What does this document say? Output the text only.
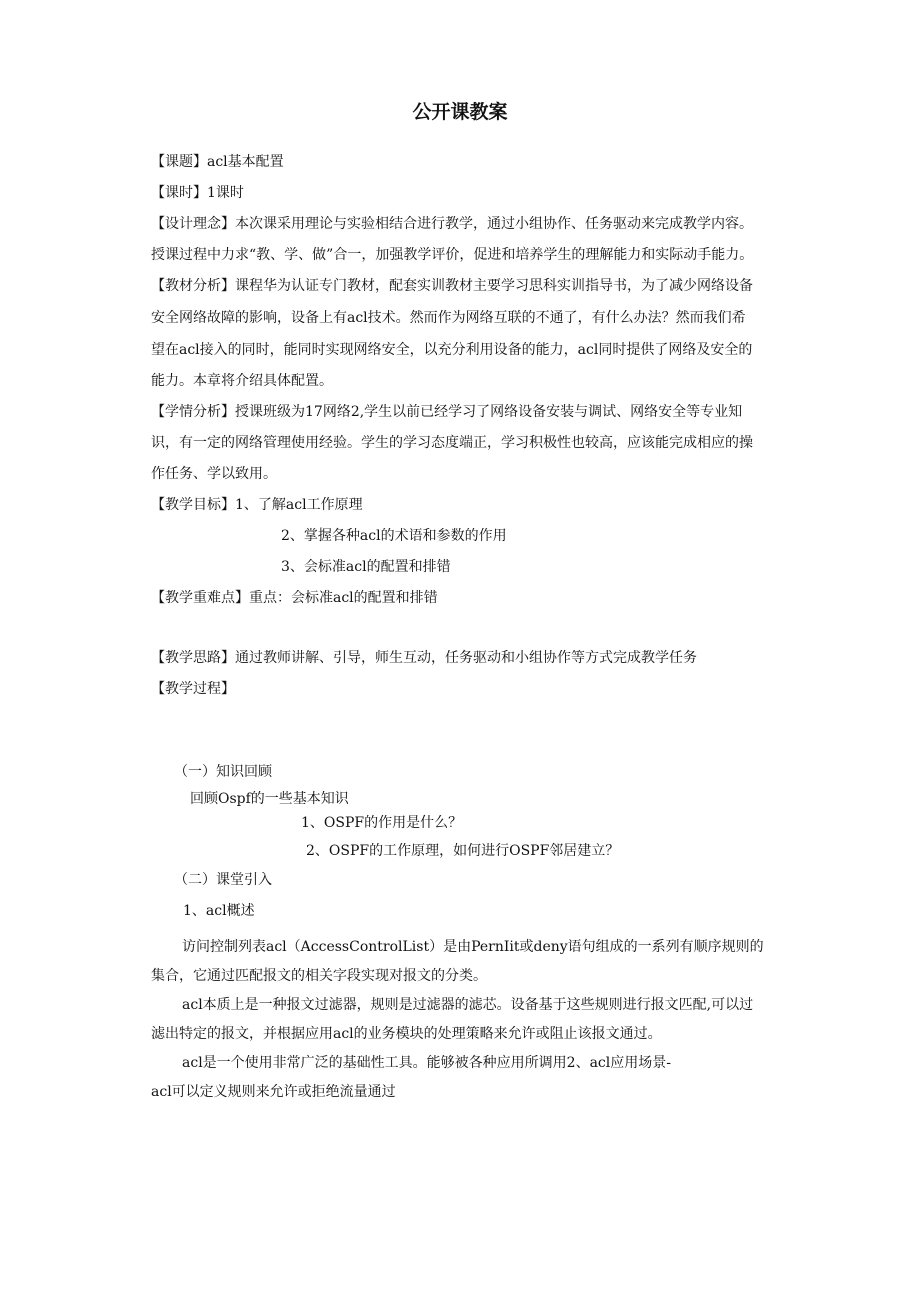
公开课教案
【课题】acl基本配置
【课时】1课时
【设计理念】本次课采用理论与实验相结合进行教学，通过小组协作、任务驱动来完成教学内容。
授课过程中力求“教、学、做”合一，加强教学评价，促进和培养学生的理解能力和实际动手能力。
【教材分析】课程华为认证专门教材，配套实训教材主要学习思科实训指导书，为了减少网络设备
安全网络故障的影响，设备上有acl技术。然而作为网络互联的不通了，有什么办法？然而我们希
望在acl接入的同时，能同时实现网络安全，以充分利用设备的能力，acl同时提供了网络及安全的
能力。本章将介绍具体配置。
【学情分析】授课班级为17网络2,学生以前已经学习了网络设备安装与调试、网络安全等专业知
识，有一定的网络管理使用经验。学生的学习态度端正，学习积极性也较高，应该能完成相应的操
作任务、学以致用。
【教学目标】1、了解acl工作原理
2、掌握各种acl的术语和参数的作用
3、会标准acl的配置和排错
【教学重难点】重点：会标准acl的配置和排错
【教学思路】通过教师讲解、引导，师生互动，任务驱动和小组协作等方式完成教学任务
【教学过程】
（一）知识回顾
回顾Ospf的一些基本知识
1、OSPF的作用是什么？
2、OSPF的工作原理，如何进行OSPF邻居建立？
（二）课堂引入
1、acl概述
访问控制列表acl（AccessControlList）是由PernIit或deny语句组成的一系列有顺序规则的
集合，它通过匹配报文的相关字段实现对报文的分类。
acl本质上是一种报文过滤器，规则是过滤器的滤芯。设备基于这些规则进行报文匹配,可以过
滤出特定的报文，并根据应用acl的业务模块的处理策略来允许或阻止该报文通过。
acl是一个使用非常广泛的基础性工具。能够被各种应用所调用2、acl应用场景-
acl可以定义规则来允许或拒绝流量通过
